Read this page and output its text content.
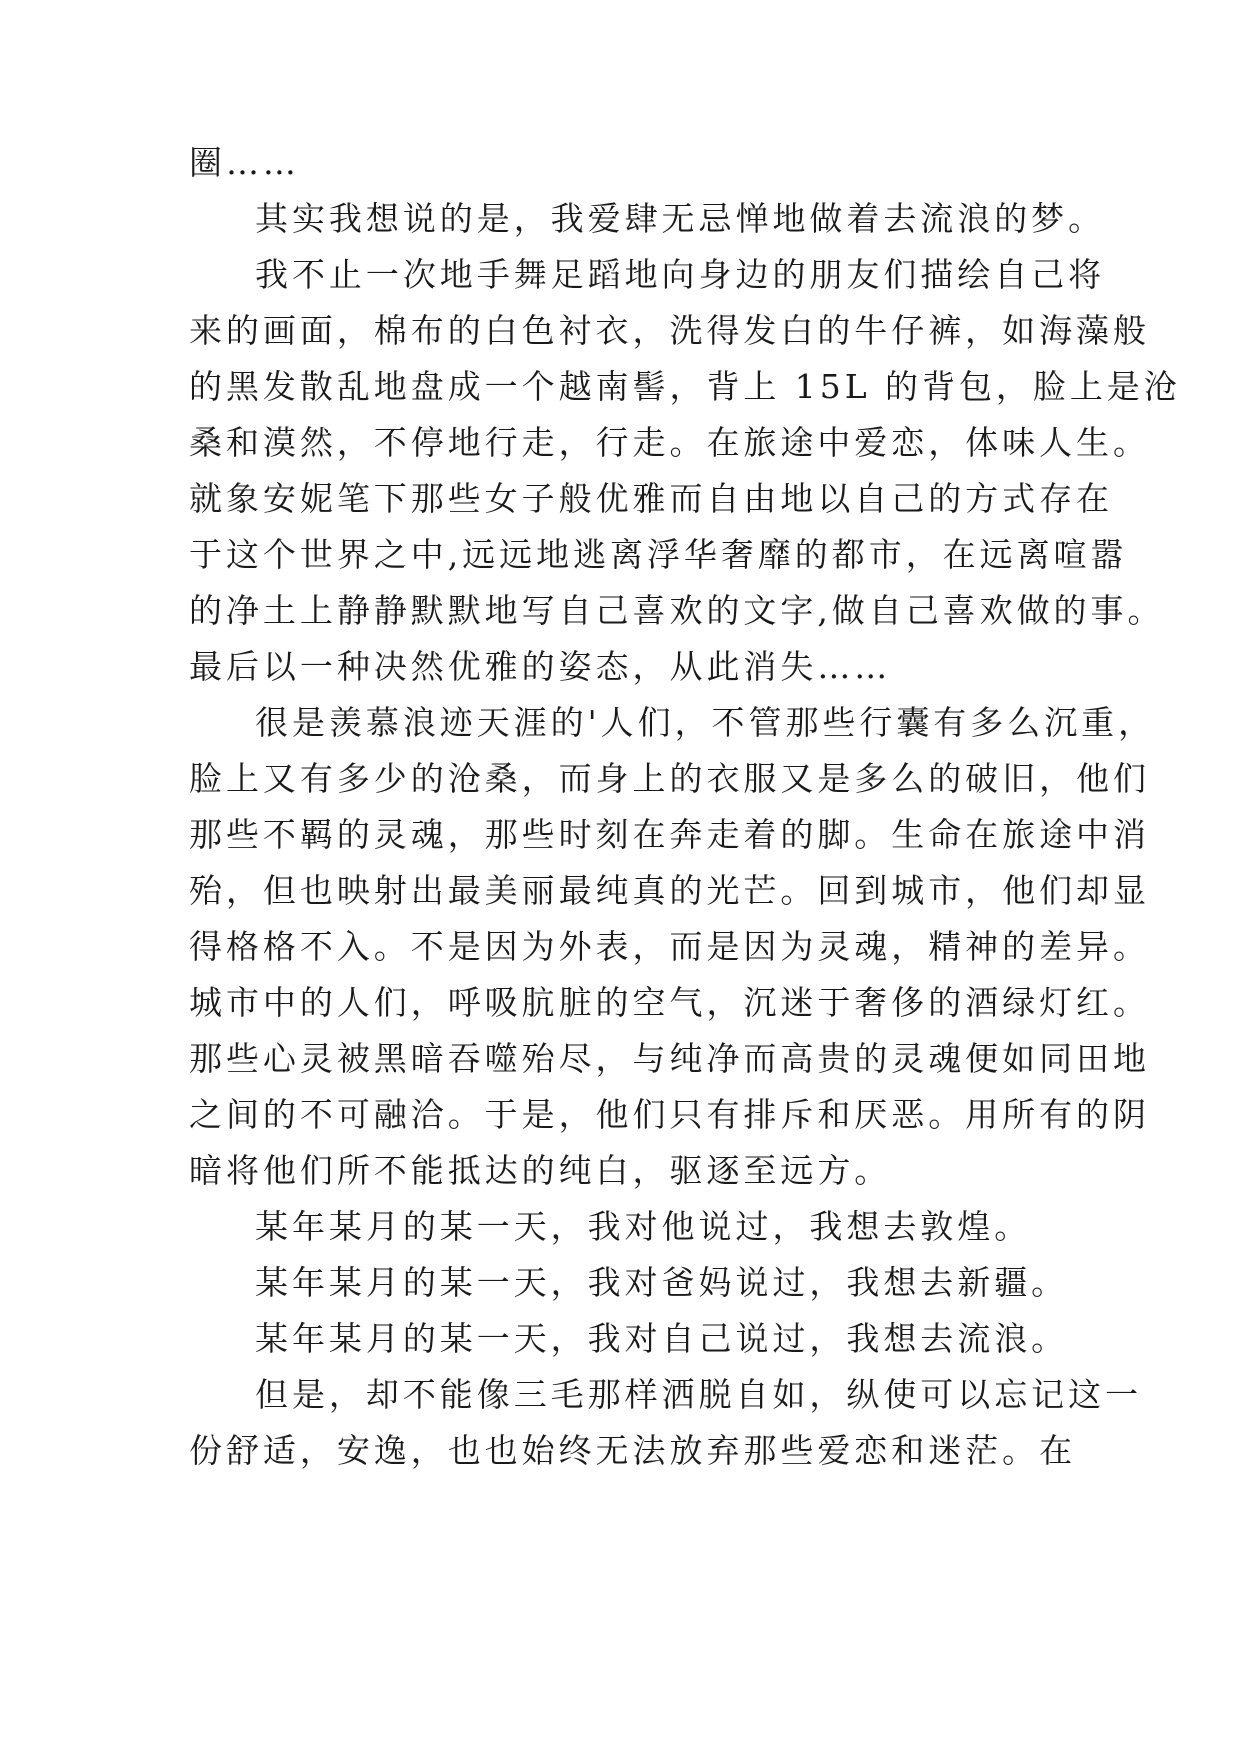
圈……
其实我想说的是，我爱肆无忌惮地做着去流浪的梦。
我不止一次地手舞足蹈地向身边的朋友们描绘自己将
来的画面，棉布的白色衬衣，洗得发白的牛仔裤，如海藻般
的黑发散乱地盘成一个越南髻，背上 15L 的背包，脸上是沧
桑和漠然，不停地行走，行走。在旅途中爱恋，体味人生。
就象安妮笔下那些女子般优雅而自由地以自己的方式存在
于这个世界之中,远远地逃离浮华奢靡的都市，在远离喧嚣
的净土上静静默默地写自己喜欢的文字,做自己喜欢做的事。
最后以一种决然优雅的姿态，从此消失……
很是羡慕浪迹天涯的'人们，不管那些行囊有多么沉重，
脸上又有多少的沧桑，而身上的衣服又是多么的破旧，他们
那些不羁的灵魂，那些时刻在奔走着的脚。生命在旅途中消
殆，但也映射出最美丽最纯真的光芒。回到城市，他们却显
得格格不入。不是因为外表，而是因为灵魂，精神的差异。
城市中的人们，呼吸肮脏的空气，沉迷于奢侈的酒绿灯红。
那些心灵被黑暗吞噬殆尽，与纯净而高贵的灵魂便如同田地
之间的不可融洽。于是，他们只有排斥和厌恶。用所有的阴
暗将他们所不能抵达的纯白，驱逐至远方。
某年某月的某一天，我对他说过，我想去敦煌。
某年某月的某一天，我对爸妈说过，我想去新疆。
某年某月的某一天，我对自己说过，我想去流浪。
但是，却不能像三毛那样洒脱自如，纵使可以忘记这一
份舒适，安逸，也也始终无法放弃那些爱恋和迷茫。在
